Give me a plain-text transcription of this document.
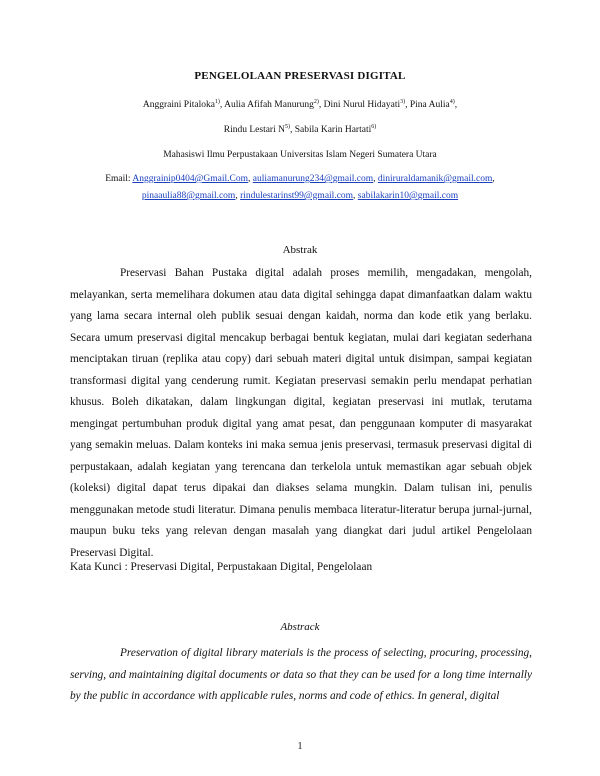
PENGELOLAAN PRESERVASI DIGITAL
Anggraini Pitaloka$^{1)}$, Aulia Afifah Manurung$^{2)}$, Dini Nurul Hidayati$^{3)}$, Pina Aulia$^{4)}$,
Rindu Lestari $N^{5)}$, Sabila Karin Hartati$^{6)}$
Mahasiswi Ilmu Perpustakaan Universitas Islam Negeri Sumatera Utara
Email: Anggrainip0404@Gmail.Com, auliamanurung234@gmail.com, diniruraldamanik@gmail.com,
pinaaulia88@gmail.com, rindulestarinst99@gmail.com, sabilakarin10@gmail.com
Abstrak

Preservasi Bahan Pustaka digital adalah proses memilih, mengadakan, mengolah, melayankan, serta memelihara dokumen atau data digital sehingga dapat dimanfaatkan dalam waktu yang lama secara internal oleh publik sesuai dengan kaidah, norma dan kode etik yang berlaku. Secara umum preservasi digital mencakup berbagai bentuk kegiatan, mulai dari kegiatan sederhana menciptakan tiruan (replika atau copy) dari sebuah materi digital untuk disimpan, sampai kegiatan transformasi digital yang cenderung rumit. Kegiatan preservasi semakin perlu mendapat perhatian khusus. Boleh dikatakan, dalam lingkungan digital, kegiatan preservasi ini mutlak, terutama mengingat pertumbuhan produk digital yang amat pesat, dan penggunaan komputer di masyarakat yang semakin meluas. Dalam konteks ini maka semua jenis preservasi, termasuk preservasi digital di perpustakaan, adalah kegiatan yang terencana dan terkelola untuk memastikan agar sebuah objek (koleksi) digital dapat terus dipakai dan diakses selama mungkin. Dalam tulisan ini, penulis menggunakan metode studi literatur. Dimana penulis membaca literatur-literatur berupa jurnal-jurnal, maupun buku teks yang relevan dengan masalah yang diangkat dari judul artikel Pengelolaan Preservasi Digital.

Kata Kunci : Preservasi Digital, Perpustakaan Digital, Pengelolaan
Abstrack

Preservation of digital library materials is the process of selecting, procuring, processing, serving, and maintaining digital documents or data so that they can be used for a long time internally by the public in accordance with applicable rules, norms and code of ethics. In general, digital

1
